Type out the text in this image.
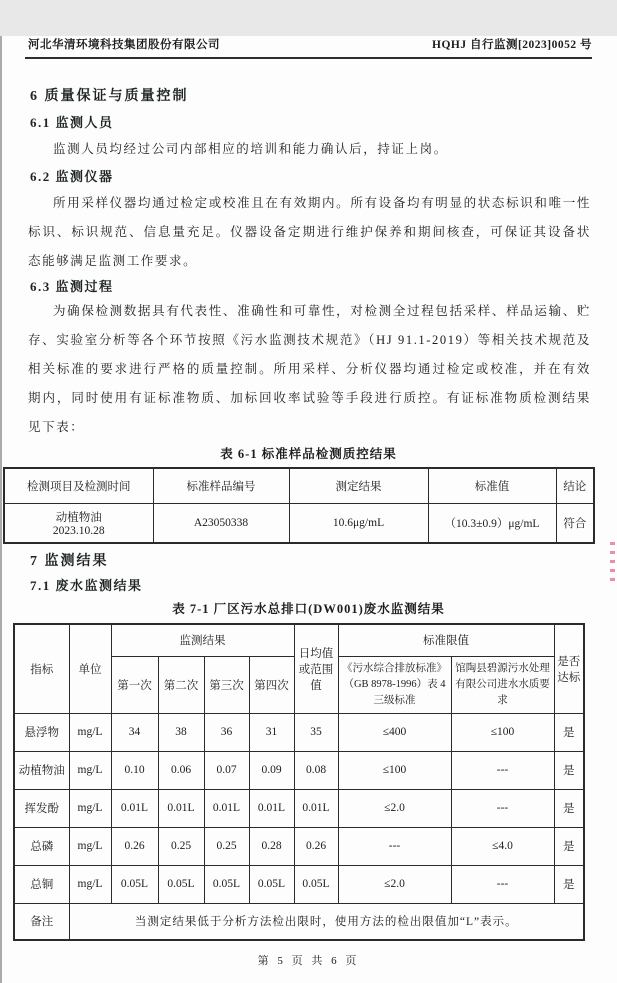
河北华清环境科技集团股份有限公司	HQHJ 自行监测[2023]0052 号
6 质量保证与质量控制
6.1 监测人员

监测人员均经过公司内部相应的培训和能力确认后，持证上岗。

6.2 监测仪器

所用采样仪器均通过检定或校准且在有效期内。所有设备均有明显的状态标识和唯一性标识、标识规范、信息量充足。仪器设备定期进行维护保养和期间核查，可保证其设备状态能够满足监测工作要求。

6.3 监测过程

为确保检测数据具有代表性、准确性和可靠性，对检测全过程包括采样、样品运输、贮存、实验室分析等各个环节按照《污水监测技术规范》（HJ 91.1-2019）等相关技术规范及相关标准的要求进行严格的质量控制。所用采样、分析仪器均通过检定或校准，并在有效期内，同时使用有证标准物质、加标回收率试验等手段进行质控。有证标准物质检测结果见下表：

表 6-1 标准样品检测质控结果
检测项目及检测时间	标准样品编号	测定结果	标准值	结论

动植物油
2023.10.28	A23050338	10.6μg/mL	（10.3±0.9）μg/mL	符合
7 监测结果
7.1 废水监测结果
表 7-1 厂区污水总排口(DW001)废水监测结果
指标	单位	监测结果				日均值或范围值	标准限值		是否达标
		第一次	第二次	第三次	第四次		《污水综合排放标准》（GB 8978-1996）表 4 三级标准	馆陶县碧源污水处理有限公司进水水质要求	
悬浮物	mg/L	34	38	36	31	35	≤400	≤100	是
动植物油	mg/L	0.10	0.06	0.07	0.09	0.08	≤100	---	是
挥发酚	mg/L	0.01L	0.01L	0.01L	0.01L	0.01L	≤2.0	---	是
总磷	mg/L	0.26	0.25	0.25	0.28	0.26	---	≤4.0	是
总铜	mg/L	0.05L	0.05L	0.05L	0.05L	0.05L	≤2.0	---	是
备注	当测定结果低于分析方法检出限时，使用方法的检出限值加“L”表示。								
第 5 页 共 6 页
